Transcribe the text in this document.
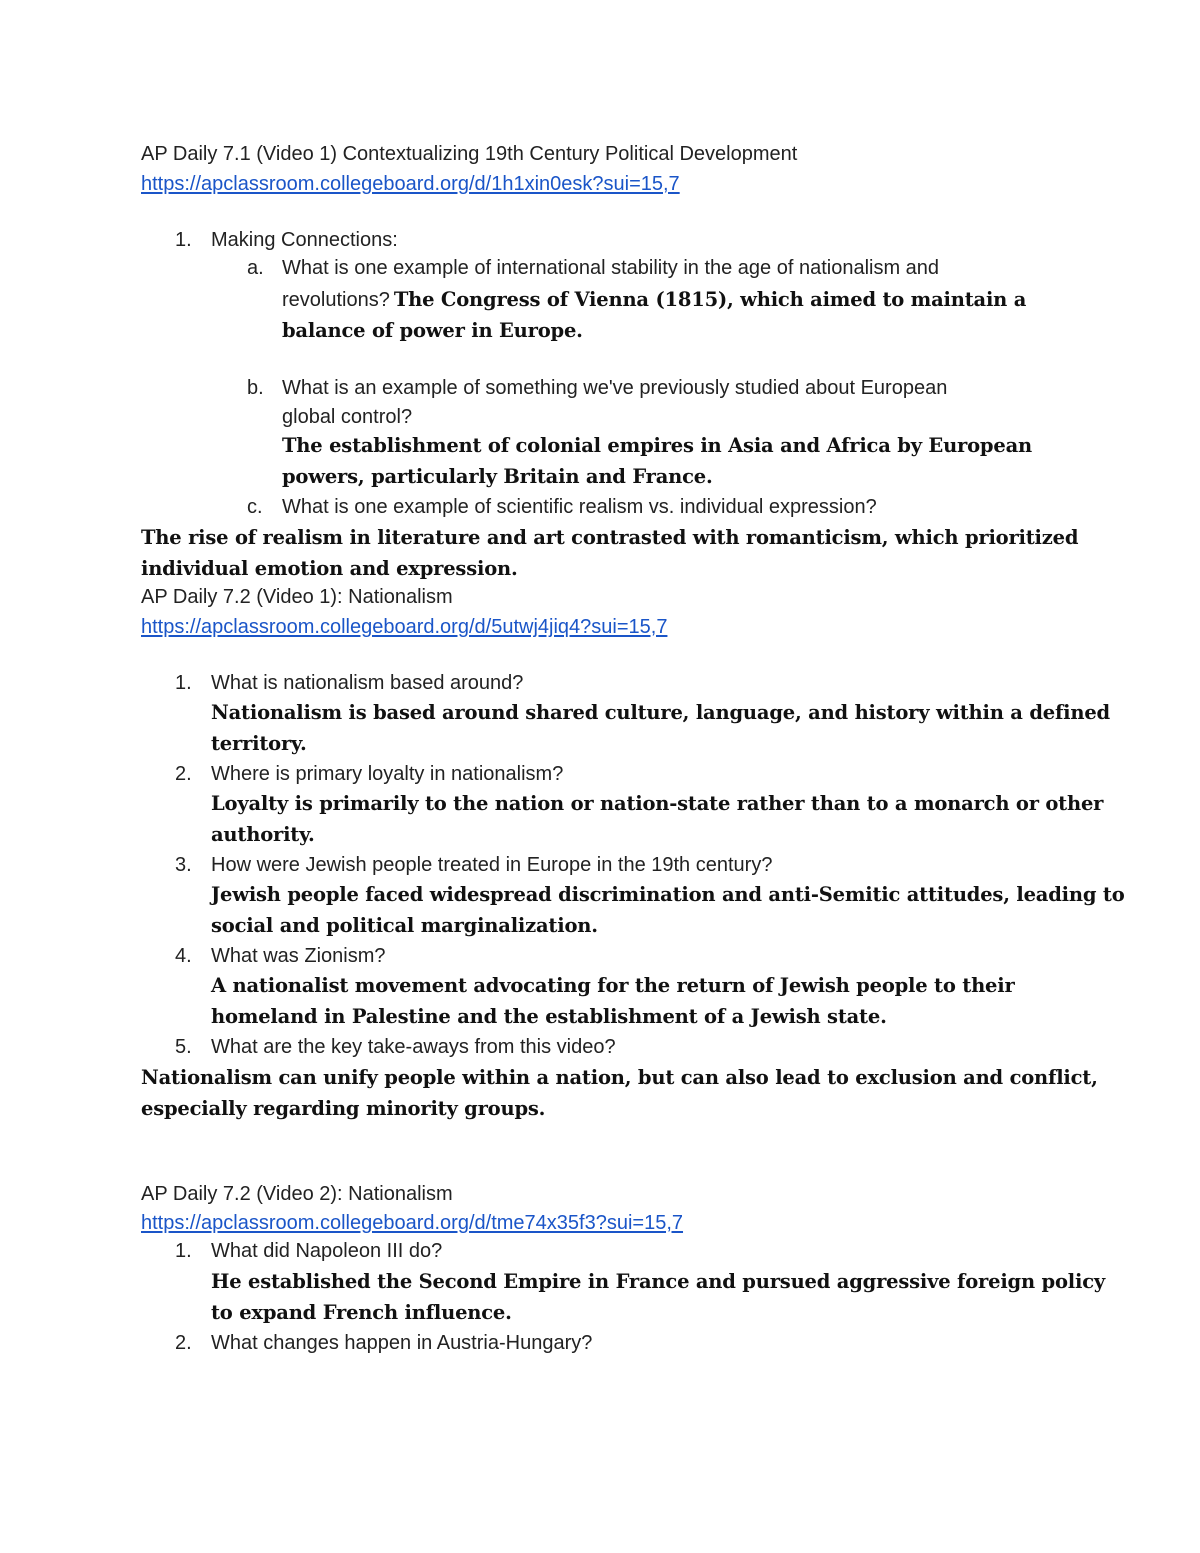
AP Daily 7.1 (Video 1) Contextualizing 19th Century Political Development
https://apclassroom.collegeboard.org/d/1h1xin0esk?sui=15,7
1. Making Connections:
a. What is one example of international stability in the age of nationalism and
revolutions? The Congress of Vienna (1815), which aimed to maintain a
balance of power in Europe.
b. What is an example of something we've previously studied about European
global control?
The establishment of colonial empires in Asia and Africa by European
powers, particularly Britain and France.
c. What is one example of scientific realism vs. individual expression?
The rise of realism in literature and art contrasted with romanticism, which prioritized
individual emotion and expression.
AP Daily 7.2 (Video 1): Nationalism
https://apclassroom.collegeboard.org/d/5utwj4jiq4?sui=15,7
1. What is nationalism based around?
Nationalism is based around shared culture, language, and history within a defined
territory.
2. Where is primary loyalty in nationalism?
Loyalty is primarily to the nation or nation-state rather than to a monarch or other
authority.
3. How were Jewish people treated in Europe in the 19th century?
Jewish people faced widespread discrimination and anti-Semitic attitudes, leading to
social and political marginalization.
4. What was Zionism?
A nationalist movement advocating for the return of Jewish people to their
homeland in Palestine and the establishment of a Jewish state.
5. What are the key take-aways from this video?
Nationalism can unify people within a nation, but can also lead to exclusion and conflict,
especially regarding minority groups.
AP Daily 7.2 (Video 2): Nationalism
https://apclassroom.collegeboard.org/d/tme74x35f3?sui=15,7
1. What did Napoleon III do?
He established the Second Empire in France and pursued aggressive foreign policy
to expand French influence.
2. What changes happen in Austria-Hungary?
